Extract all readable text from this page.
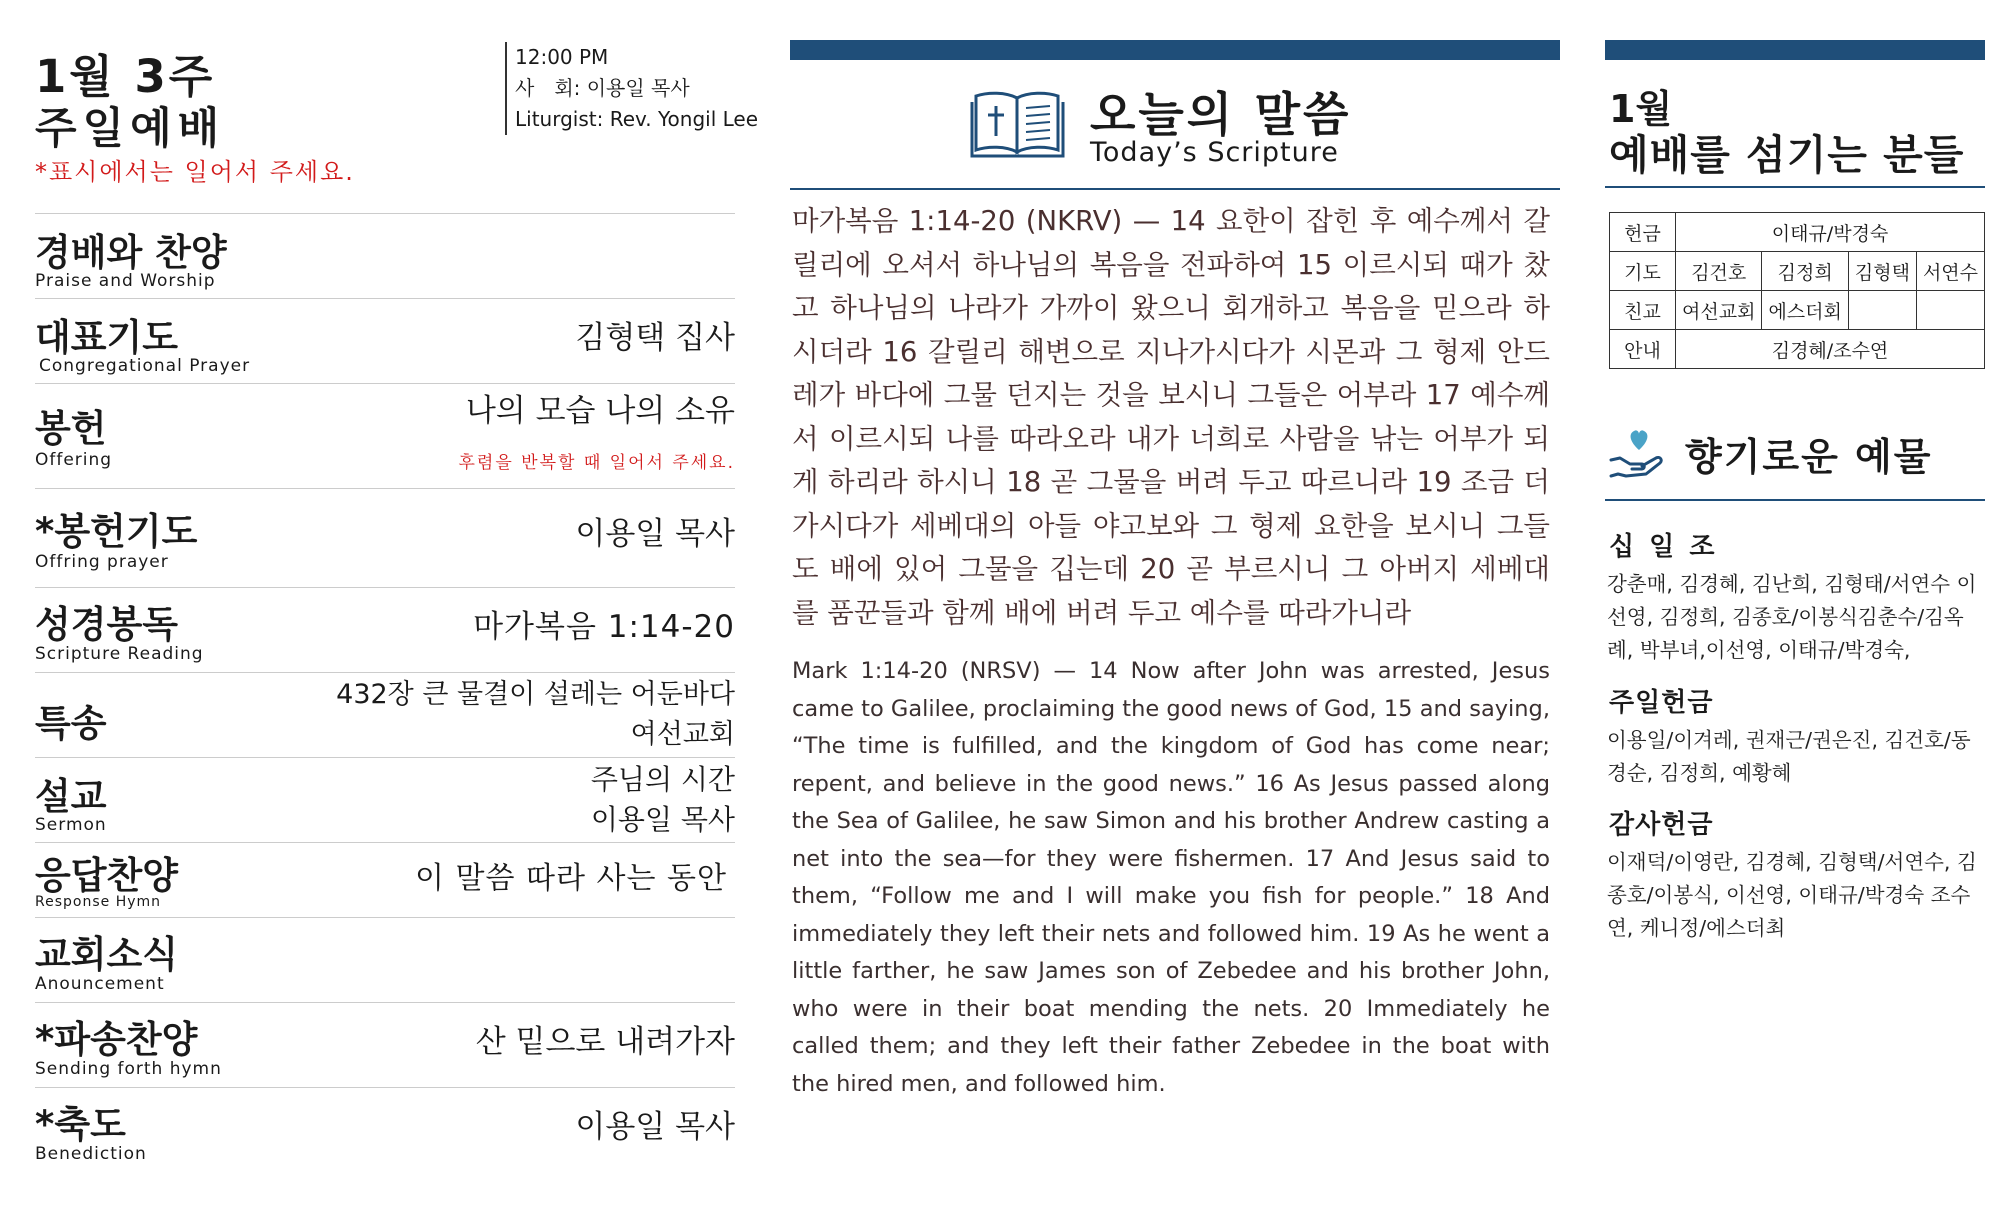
1월 3주
주일예배
*표시에서는 일어서 주세요.
12:00 PM
사　회: 이용일 목사
Liturgist: Rev. Yongil Lee
경배와 찬양
Praise and Worship
대표기도
Congregational Prayer
김형택 집사
봉헌
Offering
나의 모습 나의 소유
후렴을 반복할 때 일어서 주세요.
*봉헌기도
Offring prayer
이용일 목사
성경봉독
Scripture Reading
마가복음 1:14-20
특송
432장 큰 물결이 설레는 어둔바다
여선교회
설교
Sermon
주님의 시간
이용일 목사
응답찬양
Response Hymn
이 말씀 따라 사는 동안
교회소식
Anouncement
*파송찬양
Sending forth hymn
산 밑으로 내려가자
*축도
Benediction
이용일 목사
오늘의 말씀
Today’s Scripture
마가복음 1:14-20 (NKRV) — 14 요한이 잡힌 후 예수께서 갈릴리에 오셔서 하나님의 복음을 전파하여 15 이르시되 때가 찼고 하나님의 나라가 가까이 왔으니 회개하고 복음을 믿으라 하시더라 16 갈릴리 해변으로 지나가시다가 시몬과 그 형제 안드레가 바다에 그물 던지는 것을 보시니 그들은 어부라 17 예수께서 이르시되 나를 따라오라 내가 너희로 사람을 낚는 어부가 되게 하리라 하시니 18 곧 그물을 버려 두고 따르니라 19 조금 더 가시다가 세베대의 아들 야고보와 그 형제 요한을 보시니 그들도 배에 있어 그물을 깁는데 20 곧 부르시니 그 아버지 세베대를 품꾼들과 함께 배에 버려 두고 예수를 따라가니라
Mark 1:14-20 (NRSV) — 14 Now after John was arrested, Jesus came to Galilee, proclaiming the good news of God, 15 and saying, “The time is fulfilled, and the kingdom of God has come near; repent, and believe in the good news.” 16 As Jesus passed along the Sea of Galilee, he saw Simon and his brother Andrew casting a net into the sea—for they were fishermen. 17 And Jesus said to them, “Follow me and I will make you fish for people.” 18 And immediately they left their nets and followed him. 19 As he went a little farther, he saw James son of Zebedee and his brother John, who were in their boat mending the nets. 20 Immediately he called them; and they left their father Zebedee in the boat with the hired men, and followed him.
1월
예배를 섬기는 분들
헌금	이태규/박경숙			
기도	김건호	김정희	김형택	서연수
친교	여선교회	에스더회		
안내	김경혜/조수연			
향기로운 예물
십 일 조
강춘매, 김경혜, 김난희, 김형태/서연수 이선영, 김정희, 김종호/이봉식김춘수/김옥례, 박부녀,이선영, 이태규/박경숙,
주일헌금
이용일/이겨레, 권재근/권은진, 김건호/동경순, 김정희, 예황혜
감사헌금
이재덕/이영란, 김경혜, 김형택/서연수, 김종호/이봉식, 이선영, 이태규/박경숙 조수연, 케니정/에스더최
